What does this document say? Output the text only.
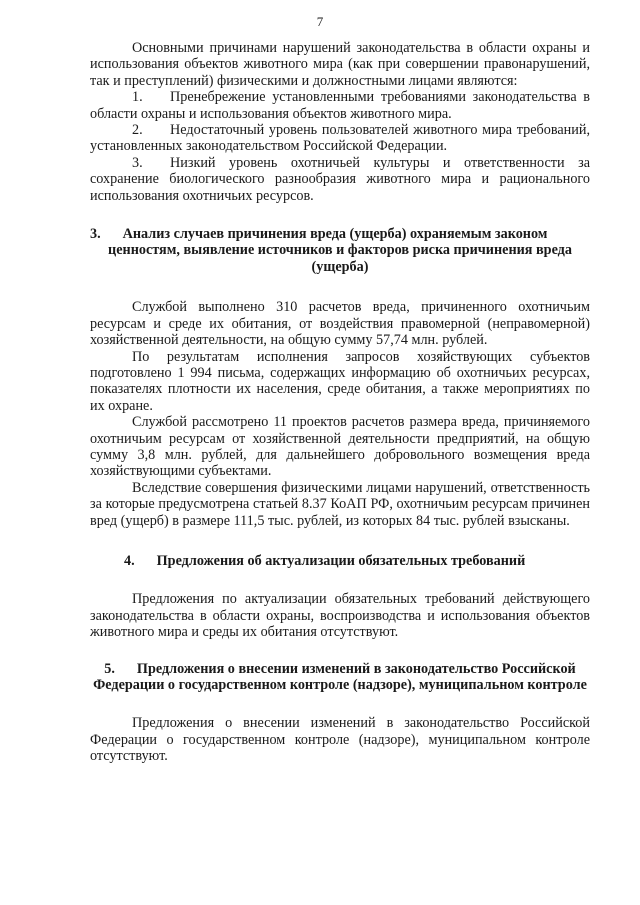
7

Основными причинами нарушений законодательства в области охраны и использования объектов животного мира (как при совершении правонарушений, так и преступлений) физическими и должностными лицами являются:

1. Пренебрежение установленными требованиями законодательства в области охраны и использования объектов животного мира.

2. Недостаточный уровень пользователей животного мира требований, установленных законодательством Российской Федерации.

3. Низкий уровень охотничьей культуры и ответственности за сохранение биологического разнообразия животного мира и рационального использования охотничьих ресурсов.

3. Анализ случаев причинения вреда (ущерба) охраняемым законом
ценностям, выявление источников и факторов риска причинения вреда (ущерба)

Службой выполнено 310 расчетов вреда, причиненного охотничьим ресурсам и среде их обитания, от воздействия правомерной (неправомерной) хозяйственной деятельности, на общую сумму 57,74 млн. рублей.

По результатам исполнения запросов хозяйствующих субъектов подготовлено 1 994 письма, содержащих информацию об охотничьих ресурсах, показателях плотности их населения, среде обитания, а также мероприятиях по их охране.

Службой рассмотрено 11 проектов расчетов размера вреда, причиняемого охотничьим ресурсам от хозяйственной деятельности предприятий, на общую сумму 3,8 млн. рублей, для дальнейшего добровольного возмещения вреда хозяйствующими субъектами.

Вследствие совершения физическими лицами нарушений, ответственность за которые предусмотрена статьей 8.37 КоАП РФ, охотничьим ресурсам причинен вред (ущерб) в размере 111,5 тыс. рублей, из которых 84 тыс. рублей взысканы.

4. Предложения об актуализации обязательных требований

Предложения по актуализации обязательных требований действующего законодательства в области охраны, воспроизводства и использования объектов животного мира и среды их обитания отсутствуют.

5. Предложения о внесении изменений в законодательство Российской Федерации о государственном контроле (надзоре), муниципальном контроле

Предложения о внесении изменений в законодательство Российской Федерации о государственном контроле (надзоре), муниципальном контроле отсутствуют.
